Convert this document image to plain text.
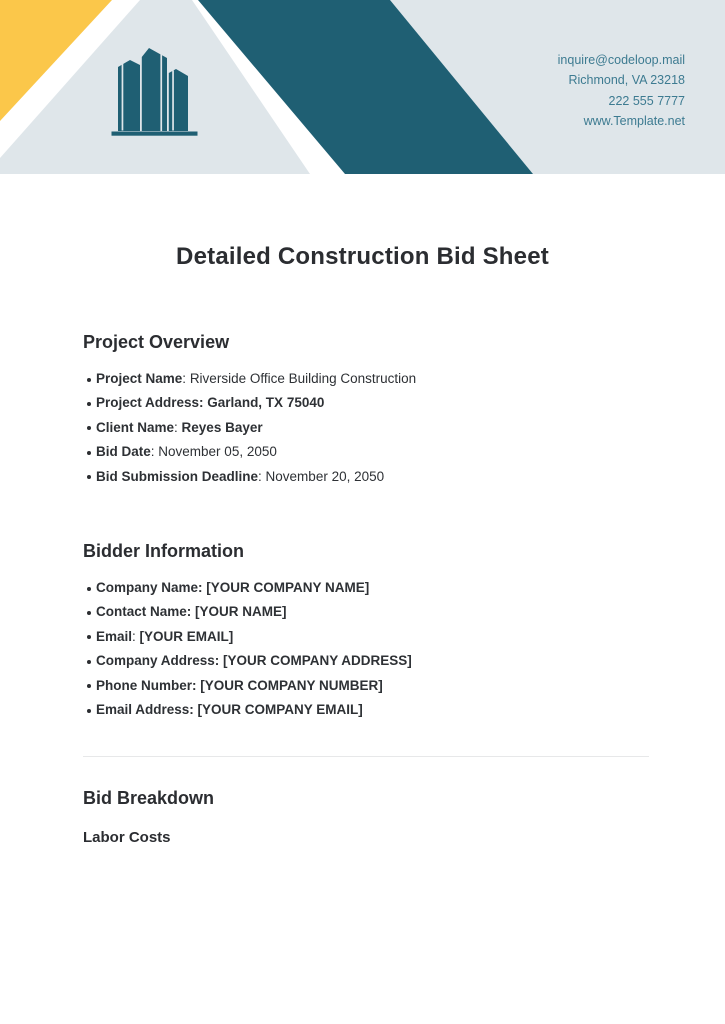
inquire@codeloop.mail
Richmond, VA 23218
222 555 7777
www.Template.net
Detailed Construction Bid Sheet
Project Overview
Project Name: Riverside Office Building Construction
Project Address: Garland, TX 75040
Client Name: Reyes Bayer
Bid Date: November 05, 2050
Bid Submission Deadline: November 20, 2050
Bidder Information
Company Name: [YOUR COMPANY NAME]
Contact Name: [YOUR NAME]
Email: [YOUR EMAIL]
Company Address: [YOUR COMPANY ADDRESS]
Phone Number: [YOUR COMPANY NUMBER]
Email Address: [YOUR COMPANY EMAIL]
Bid Breakdown
Labor Costs
